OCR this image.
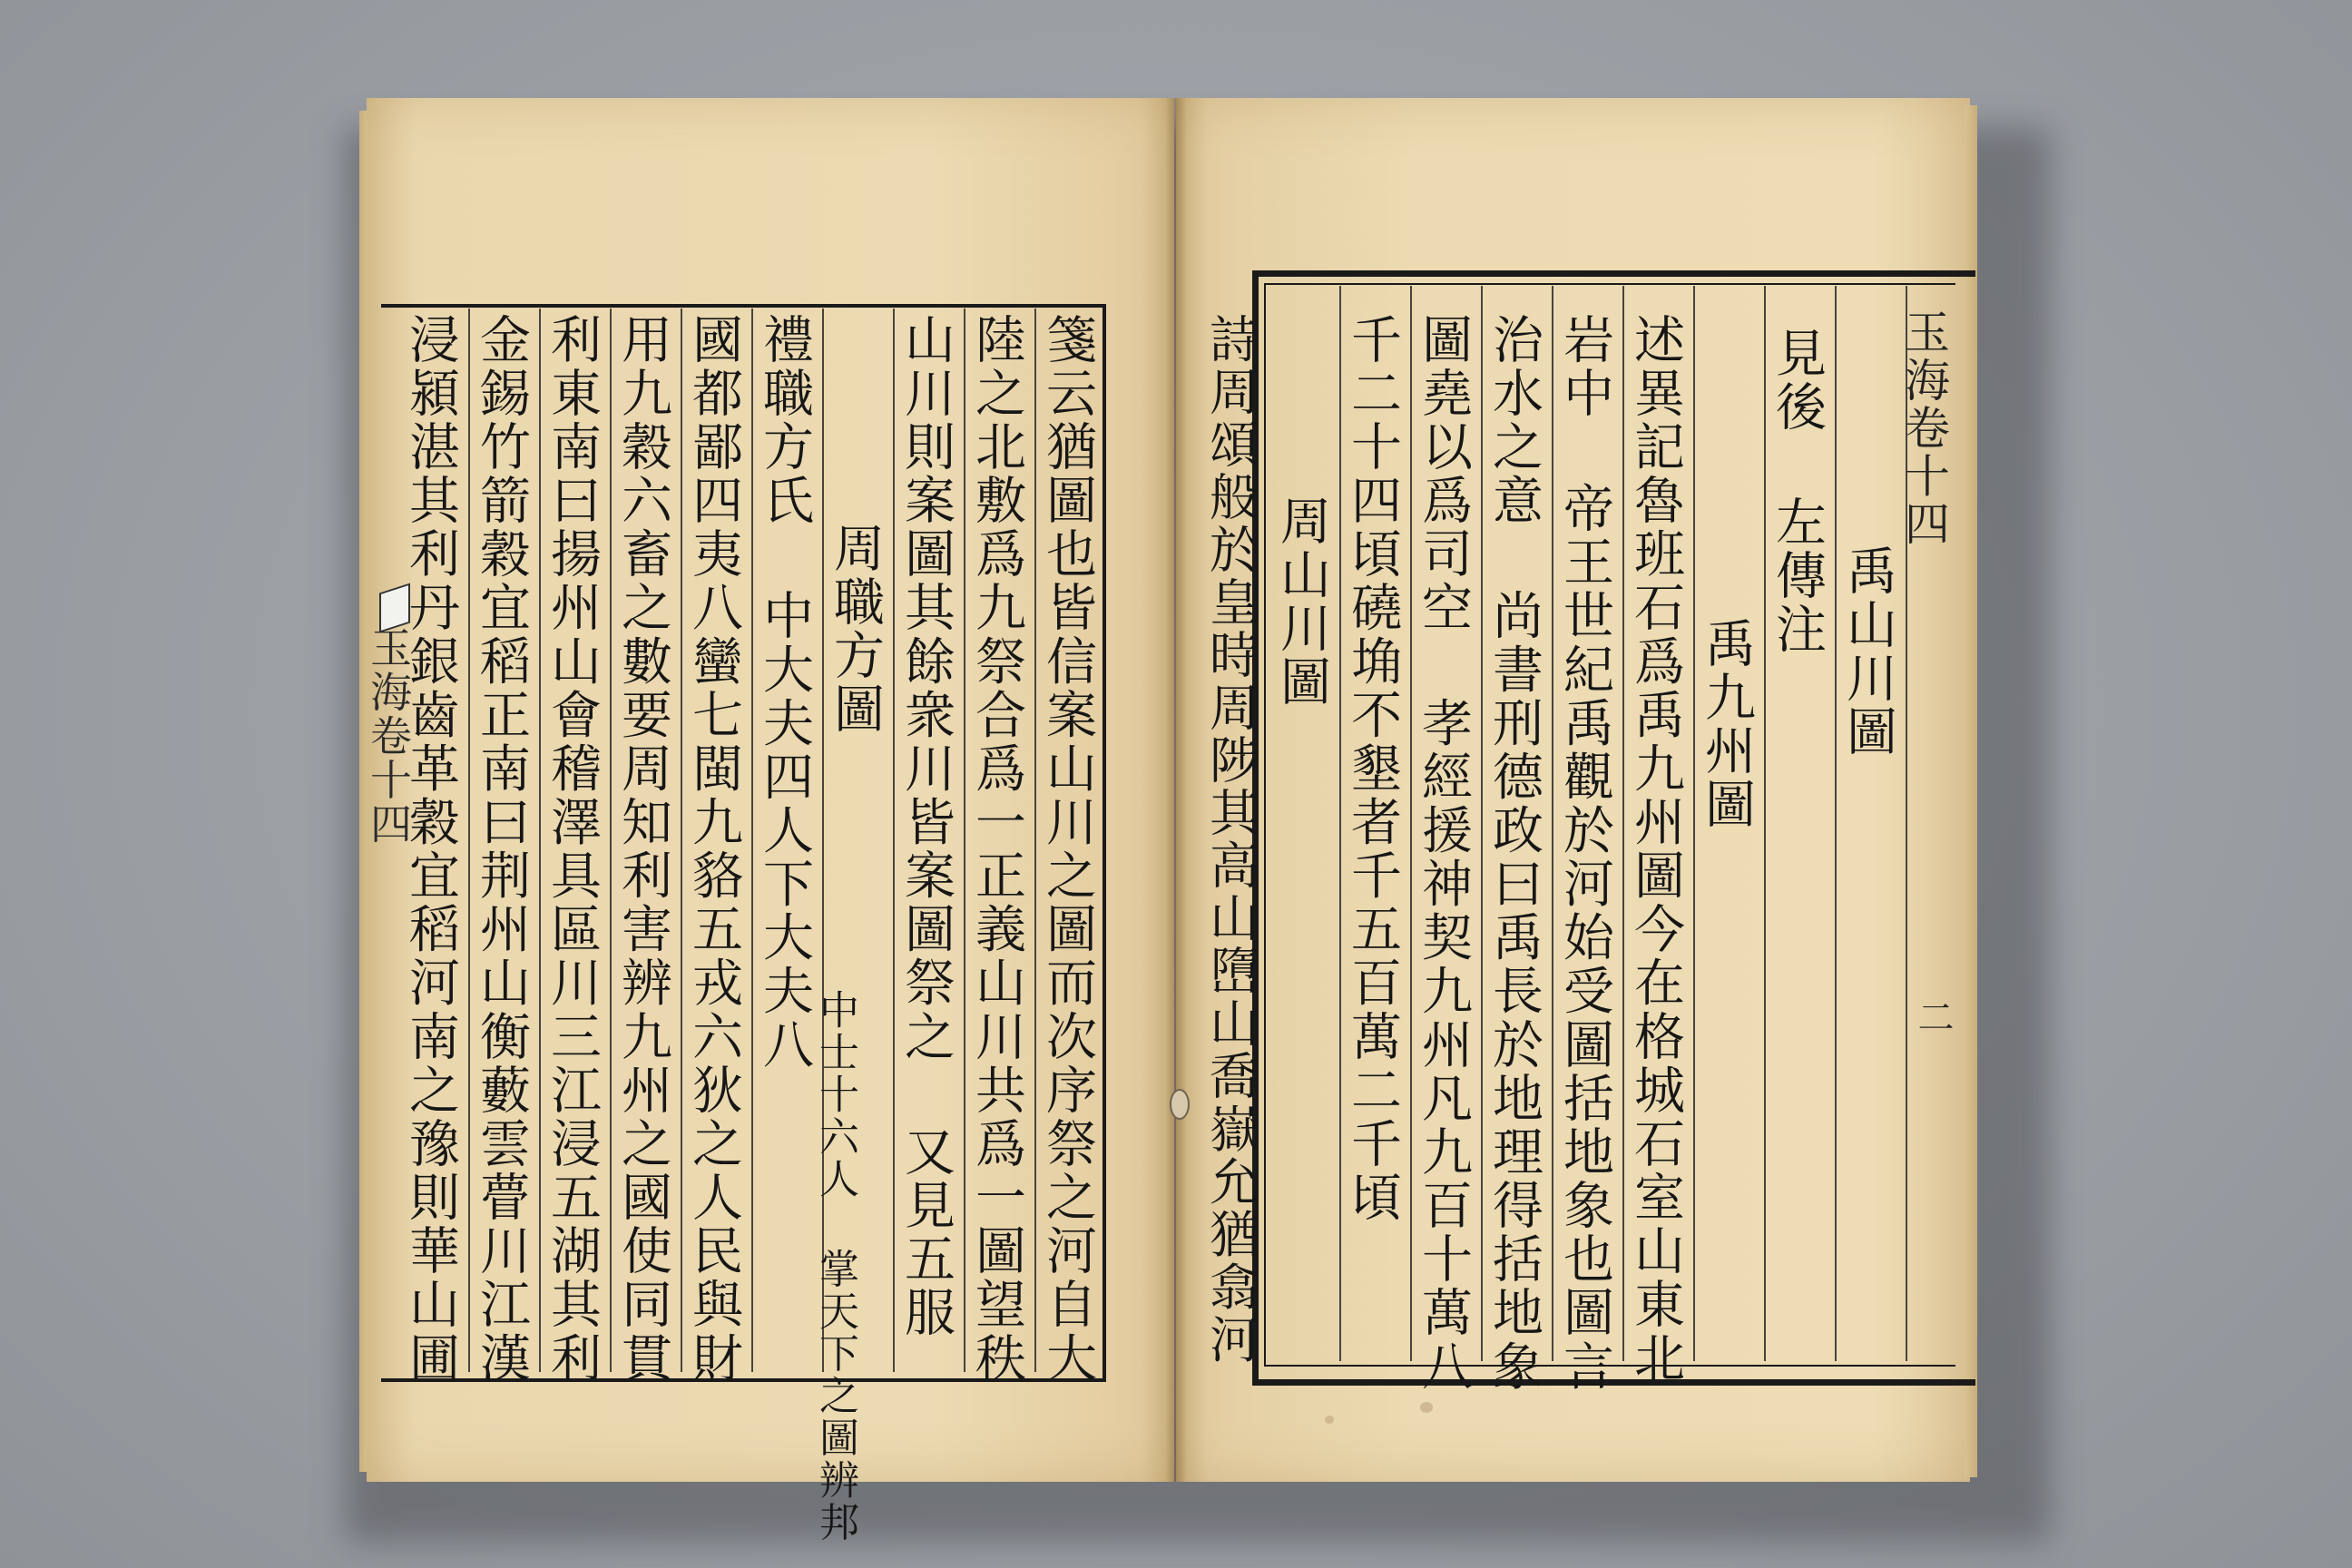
箋云猶圖也皆信案山川之圖而次序祭之河自大
陸之北敷爲九祭合爲一正義山川共爲一圖望秩
山川則案圖其餘衆川皆案圖祭之 又見五服
周職方圖
禮職方氏 中大夫四人下大夫八
中士十六人 掌天下之圖辨邦
國都鄙四夷八蠻七閩九貉五戎六狄之人民與財
用九穀六畜之數要周知利害辨九州之國使同貫
利東南曰揚州山會稽澤具區川三江浸五湖其利
金錫竹箭穀宜稻正南曰荆州山衡藪雲瞢川江漢
浸潁湛其利丹銀齒革穀宜稻河南之豫則華山圃
玉海卷十四
玉海卷十四
二
禹山川圖
見後 左傳注
禹九州圖
述異記魯班石爲禹九州圖今在格城石室山東北
岩中 帝王世紀禹觀於河始受圖括地象也圖言
治水之意 尚書刑德政曰禹長於地理得括地象
圖堯以爲司空 孝經援神契九州凡九百十萬八
千二十四頃磽埆不墾者千五百萬二千頃
周山川圖
詩周頌般於皇時周陟其高山嶞山喬嶽允猶翕河
